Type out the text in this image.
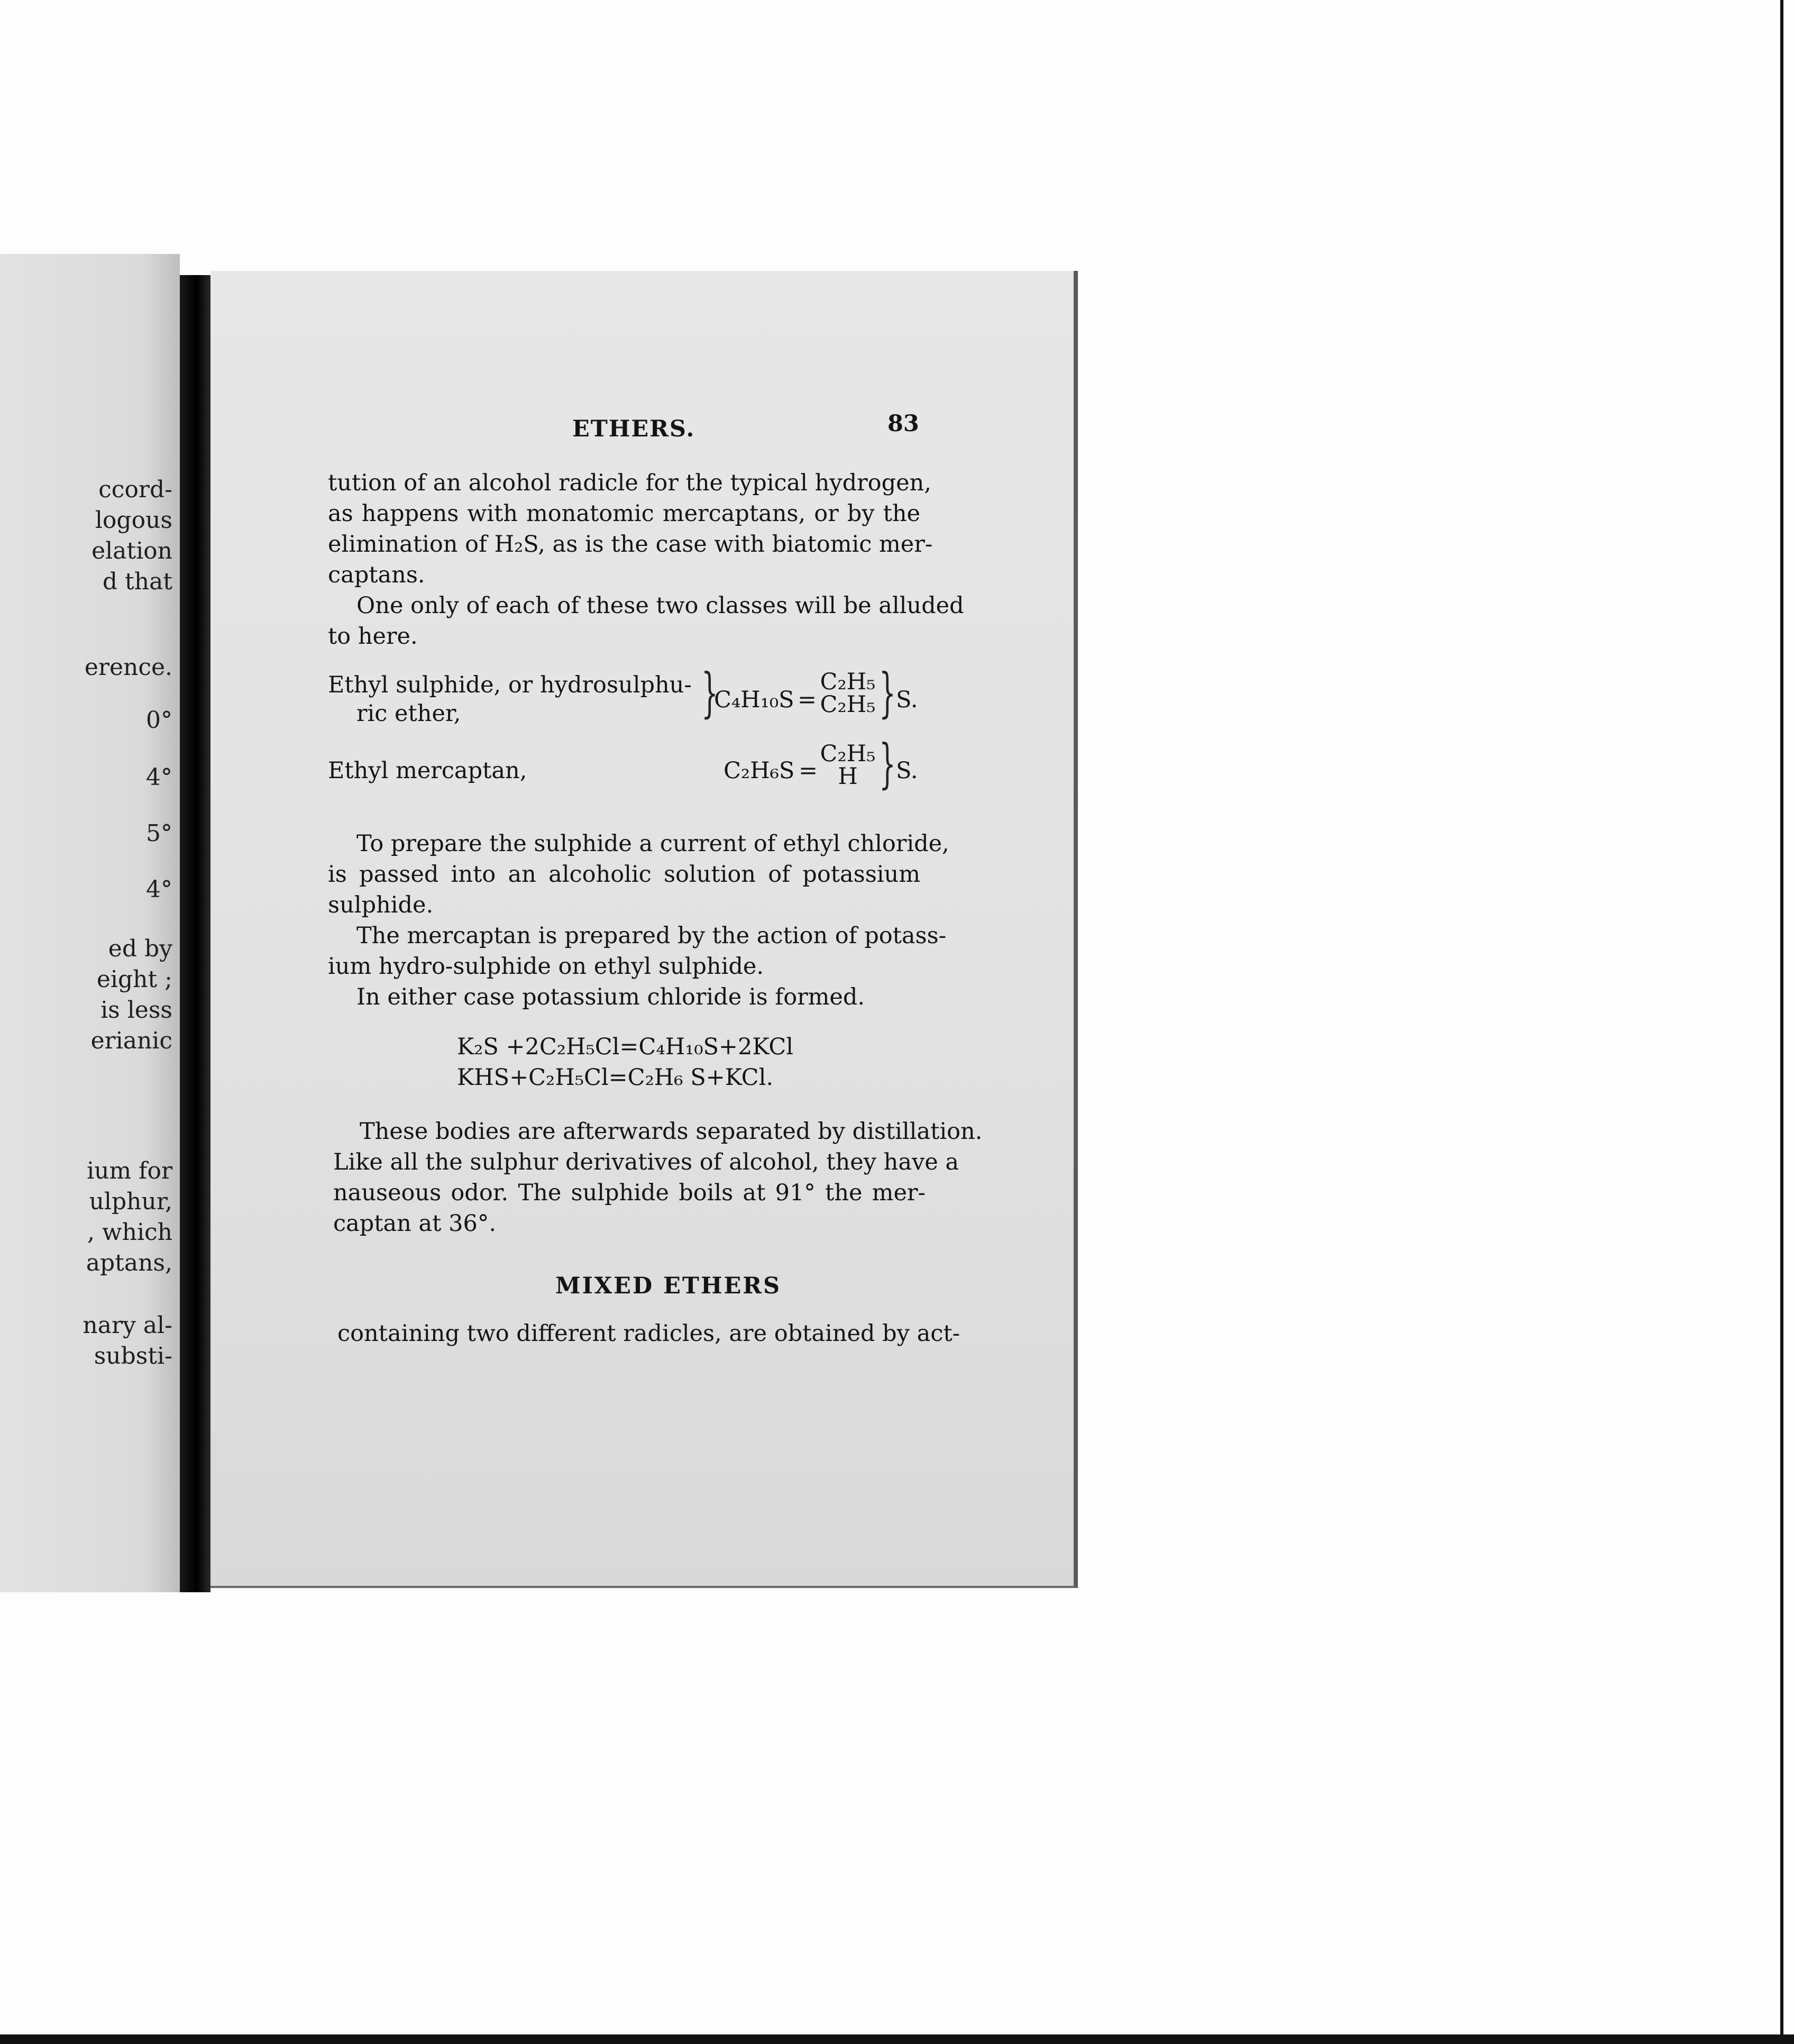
ccord-
logous
elation
d that
erence.
0°
4°
5°
4°
ed by
eight ;
is less
erianic
ium for
ulphur,
, which
aptans,
nary al-
substi-
ETHERS.	83
tution of an alcohol radicle for the typical hydrogen,
as happens with monatomic mercaptans, or by the
elimination of H₂S, as is the case with biatomic mer-
captans.
One only of each of these two classes will be alluded
to here.
Ethyl sulphide, or hydrosulphu-
ric ether,	}
C₄H₁₀S =
C₂H₅
C₂H₅ } S.
Ethyl mercaptan,	C₂H₆S =
C₂H₅
H } S.
To prepare the sulphide a current of ethyl chloride,
is passed into an alcoholic solution of potassium
sulphide.
The mercaptan is prepared by the action of potass-
ium hydro-sulphide on ethyl sulphide.
In either case potassium chloride is formed.
K₂S +2C₂H₅Cl=C₄H₁₀S+2KCl
KHS+C₂H₅Cl=C₂H₆ S+KCl.
These bodies are afterwards separated by distillation.
Like all the sulphur derivatives of alcohol, they have a
nauseous odor. The sulphide boils at 91° the mer-
captan at 36°.
MIXED ETHERS
containing two different radicles, are obtained by act-
